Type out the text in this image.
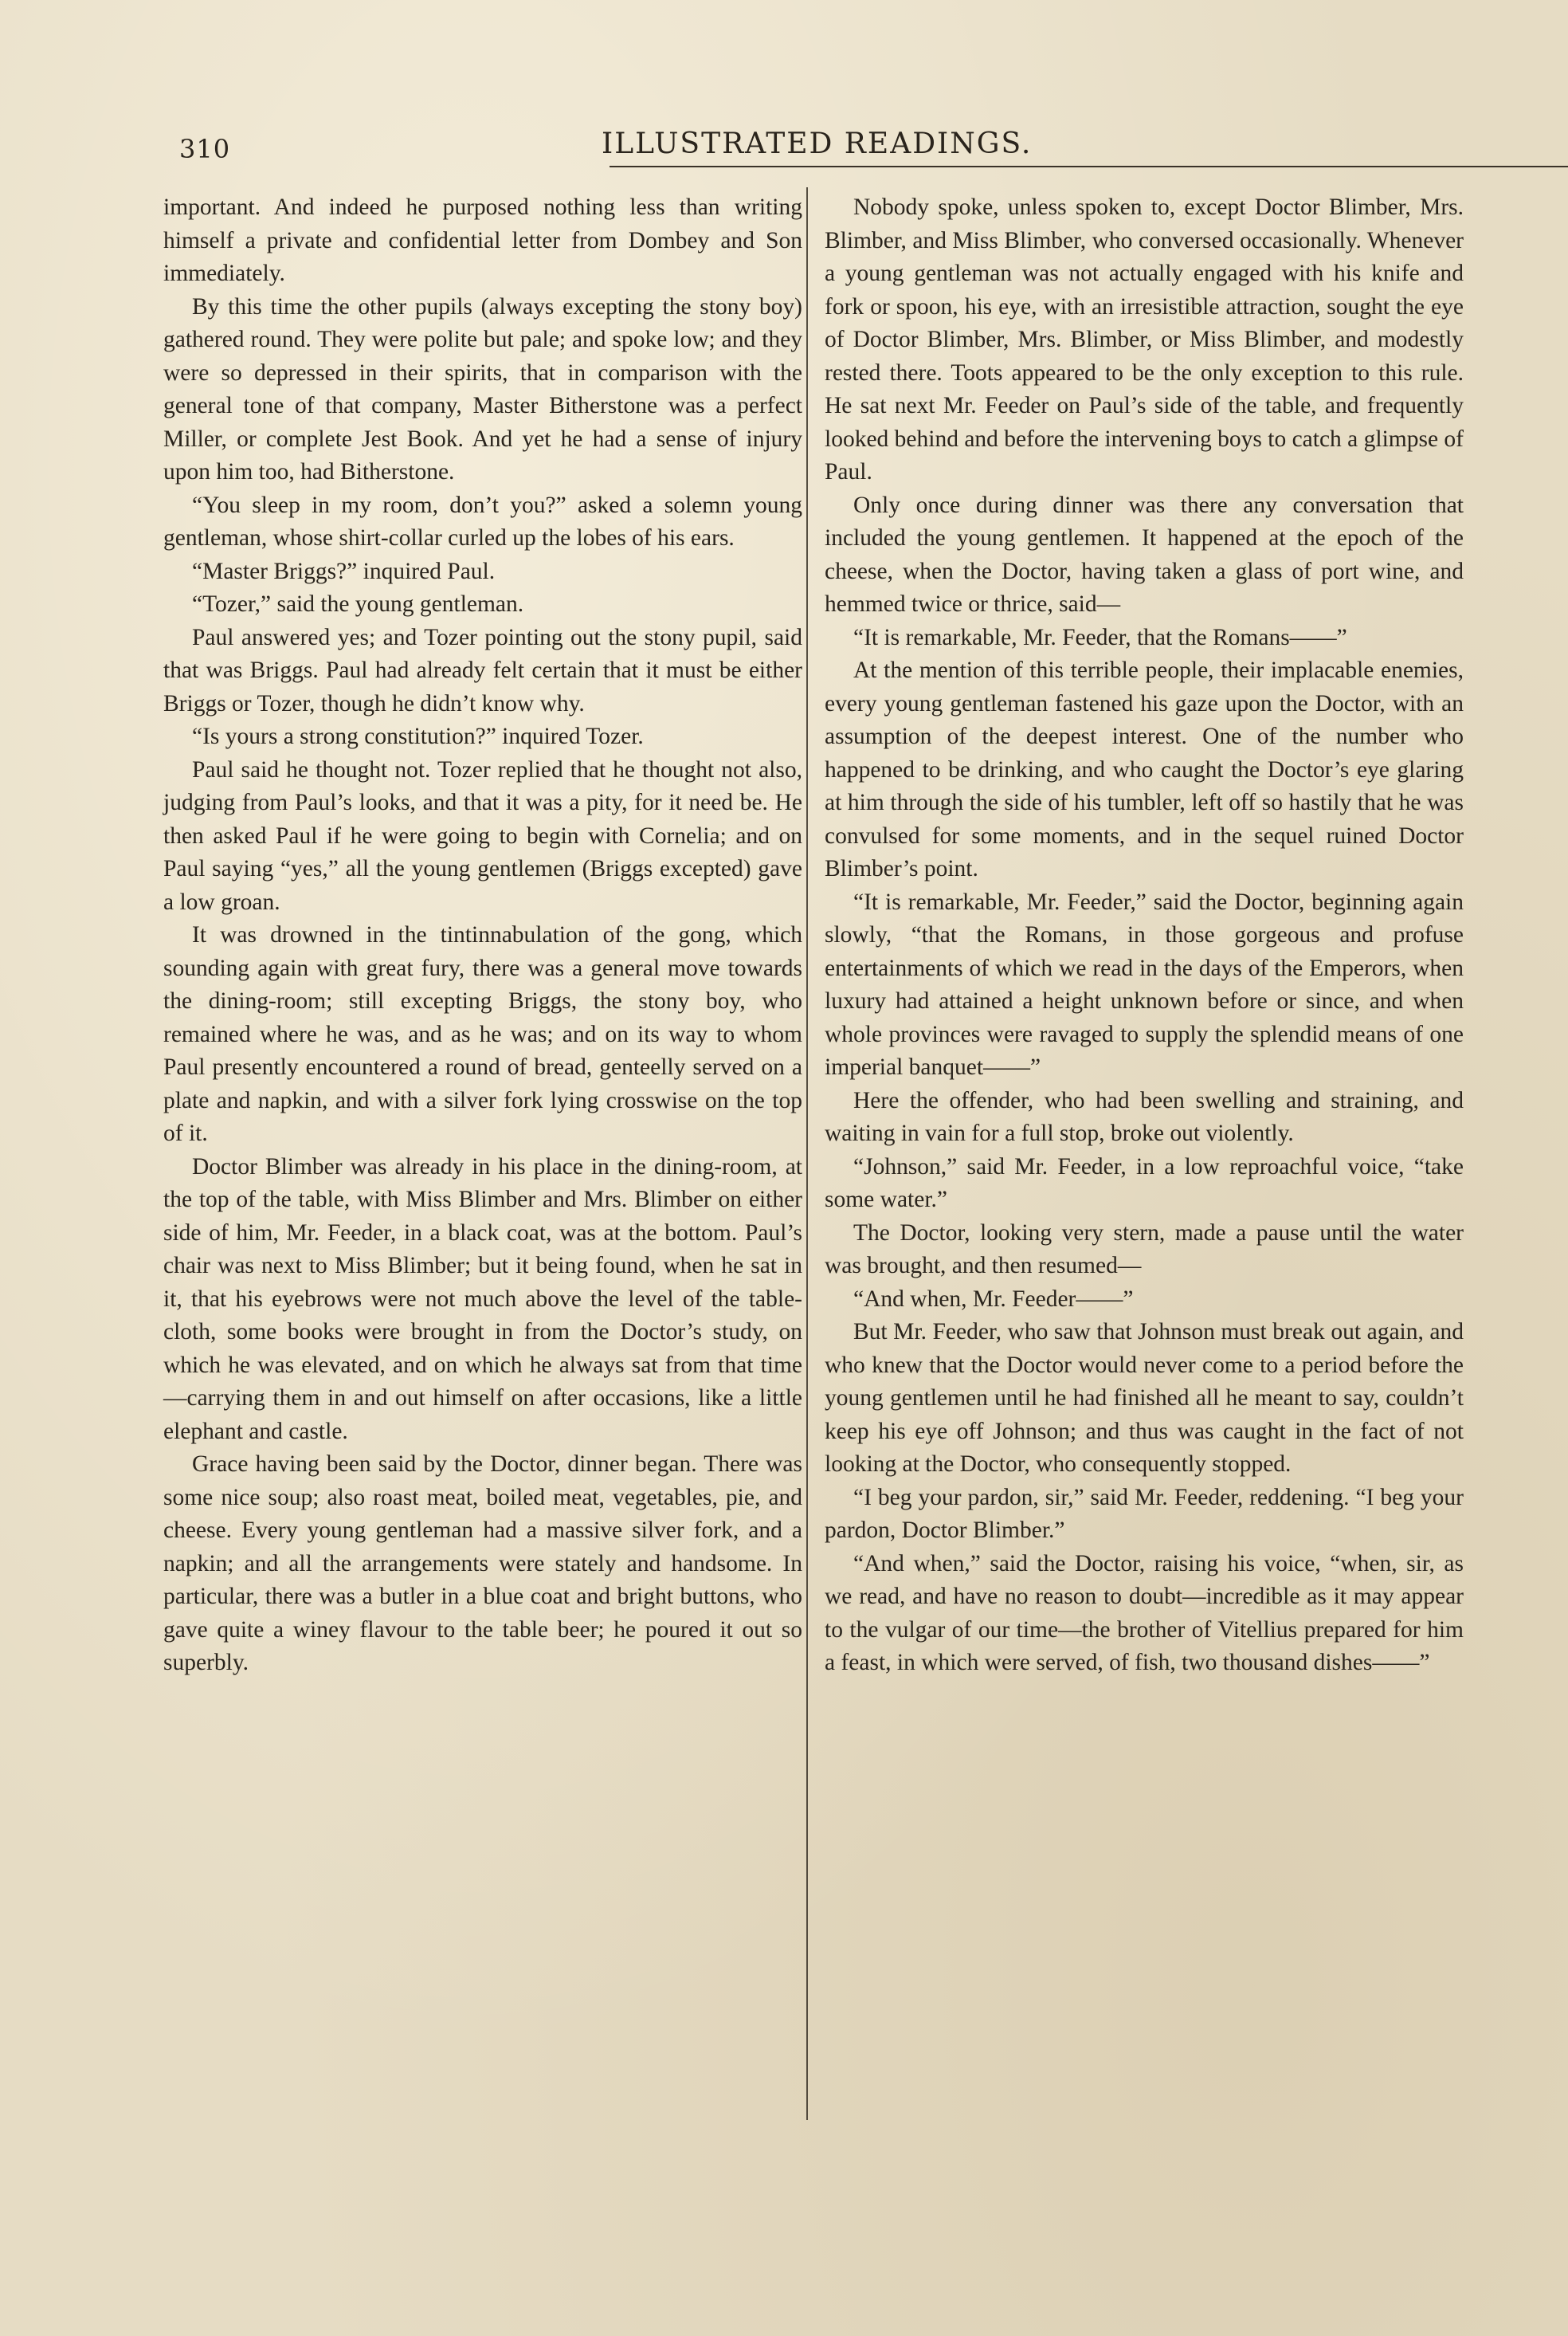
310	ILLUSTRATED READINGS.

important. And indeed he purposed nothing less than writing himself a private and confidential letter from Dombey and Son immediately.

By this time the other pupils (always excepting the stony boy) gathered round. They were polite but pale; and spoke low; and they were so depressed in their spirits, that in comparison with the general tone of that company, Master Bitherstone was a perfect Miller, or complete Jest Book. And yet he had a sense of injury upon him too, had Bitherstone.

“You sleep in my room, don’t you?” asked a solemn young gentleman, whose shirt-collar curled up the lobes of his ears.

“Master Briggs?” inquired Paul.

“Tozer,” said the young gentleman.

Paul answered yes; and Tozer pointing out the stony pupil, said that was Briggs. Paul had already felt certain that it must be either Briggs or Tozer, though he didn’t know why.

“Is yours a strong constitution?” inquired Tozer.

Paul said he thought not. Tozer replied that he thought not also, judging from Paul’s looks, and that it was a pity, for it need be. He then asked Paul if he were going to begin with Cornelia; and on Paul saying “yes,” all the young gentlemen (Briggs excepted) gave a low groan.

It was drowned in the tintinnabulation of the gong, which sounding again with great fury, there was a general move towards the dining-room; still excepting Briggs, the stony boy, who remained where he was, and as he was; and on its way to whom Paul presently encountered a round of bread, genteelly served on a plate and napkin, and with a silver fork lying crosswise on the top of it.

Doctor Blimber was already in his place in the dining-room, at the top of the table, with Miss Blimber and Mrs. Blimber on either side of him, Mr. Feeder, in a black coat, was at the bottom. Paul’s chair was next to Miss Blimber; but it being found, when he sat in it, that his eyebrows were not much above the level of the table-cloth, some books were brought in from the Doctor’s study, on which he was elevated, and on which he always sat from that time—carrying them in and out himself on after occasions, like a little elephant and castle.

Grace having been said by the Doctor, dinner began. There was some nice soup; also roast meat, boiled meat, vegetables, pie, and cheese. Every young gentleman had a massive silver fork, and a napkin; and all the arrangements were stately and handsome. In particular, there was a butler in a blue coat and bright buttons, who gave quite a winey flavour to the table beer; he poured it out so superbly.

Nobody spoke, unless spoken to, except Doctor Blimber, Mrs. Blimber, and Miss Blimber, who conversed occasionally. Whenever a young gentleman was not actually engaged with his knife and fork or spoon, his eye, with an irresistible attraction, sought the eye of Doctor Blimber, Mrs. Blimber, or Miss Blimber, and modestly rested there. Toots appeared to be the only exception to this rule. He sat next Mr. Feeder on Paul’s side of the table, and frequently looked behind and before the intervening boys to catch a glimpse of Paul.

Only once during dinner was there any conversation that included the young gentlemen. It happened at the epoch of the cheese, when the Doctor, having taken a glass of port wine, and hemmed twice or thrice, said—

“It is remarkable, Mr. Feeder, that the Romans——”

At the mention of this terrible people, their implacable enemies, every young gentleman fastened his gaze upon the Doctor, with an assumption of the deepest interest. One of the number who happened to be drinking, and who caught the Doctor’s eye glaring at him through the side of his tumbler, left off so hastily that he was convulsed for some moments, and in the sequel ruined Doctor Blimber’s point.

“It is remarkable, Mr. Feeder,” said the Doctor, beginning again slowly, “that the Romans, in those gorgeous and profuse entertainments of which we read in the days of the Emperors, when luxury had attained a height unknown before or since, and when whole provinces were ravaged to supply the splendid means of one imperial banquet——”

Here the offender, who had been swelling and straining, and waiting in vain for a full stop, broke out violently.

“Johnson,” said Mr. Feeder, in a low reproachful voice, “take some water.”

The Doctor, looking very stern, made a pause until the water was brought, and then resumed—

“And when, Mr. Feeder——”

But Mr. Feeder, who saw that Johnson must break out again, and who knew that the Doctor would never come to a period before the young gentlemen until he had finished all he meant to say, couldn’t keep his eye off Johnson; and thus was caught in the fact of not looking at the Doctor, who consequently stopped.

“I beg your pardon, sir,” said Mr. Feeder, reddening. “I beg your pardon, Doctor Blimber.”

“And when,” said the Doctor, raising his voice, “when, sir, as we read, and have no reason to doubt—incredible as it may appear to the vulgar of our time—the brother of Vitellius prepared for him a feast, in which were served, of fish, two thousand dishes——”
